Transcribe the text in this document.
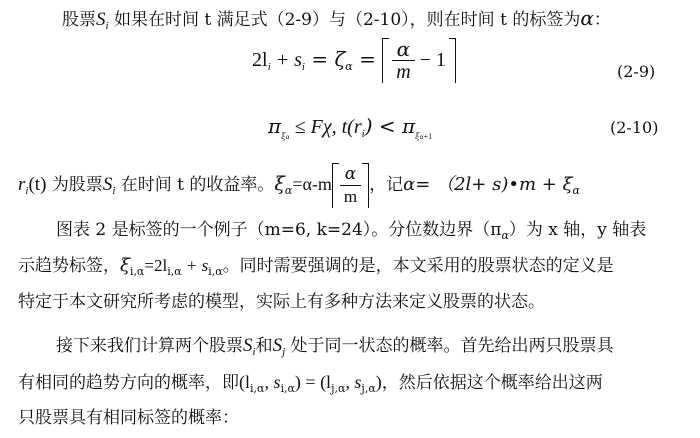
股票$S_i$ 如果在时间 t 满足式（2-9）与（2-10），则在时间 t 的标签为α：
$2l_i + s_i = \zeta_\alpha = \frac{\alpha}{m} - 1$
(2-9)
$\pi_{\xi\alpha} \le F\chi$, $t(r_i) < \pi_{\xi\alpha+1}$	(2-10)
$r_i(t)$ 为股票$S_i$ 在时间 t 的收益率。$\xi_\alpha=\alpha-m \frac{\alpha}{m}$ ，记α= （2l+ s)•m + $\xi_\alpha$
图表 2 是标签的一个例子（m=6, k=24）。分位数边界$(\pi_\alpha)$为 x 轴，y 轴表
示趋势标签，$\xi_{i,\alpha}=2l_{i,\alpha} + s_{i,\alpha}$。同时需要强调的是，本文采用的股票状态的定义是
特定于本文研究所考虑的模型，实际上有多种方法来定义股票的状态。
接下来我们计算两个股票$S_i$和$S_j$ 处于同一状态的概率。首先给出两只股票具
有相同的趋势方向的概率，即($l_{i,\alpha}$, $s_{i,\alpha}) = (l_{j,\alpha}$, $s_{j,\alpha}$)，然后依据这个概率给出这两
只股票具有相同标签的概率：
